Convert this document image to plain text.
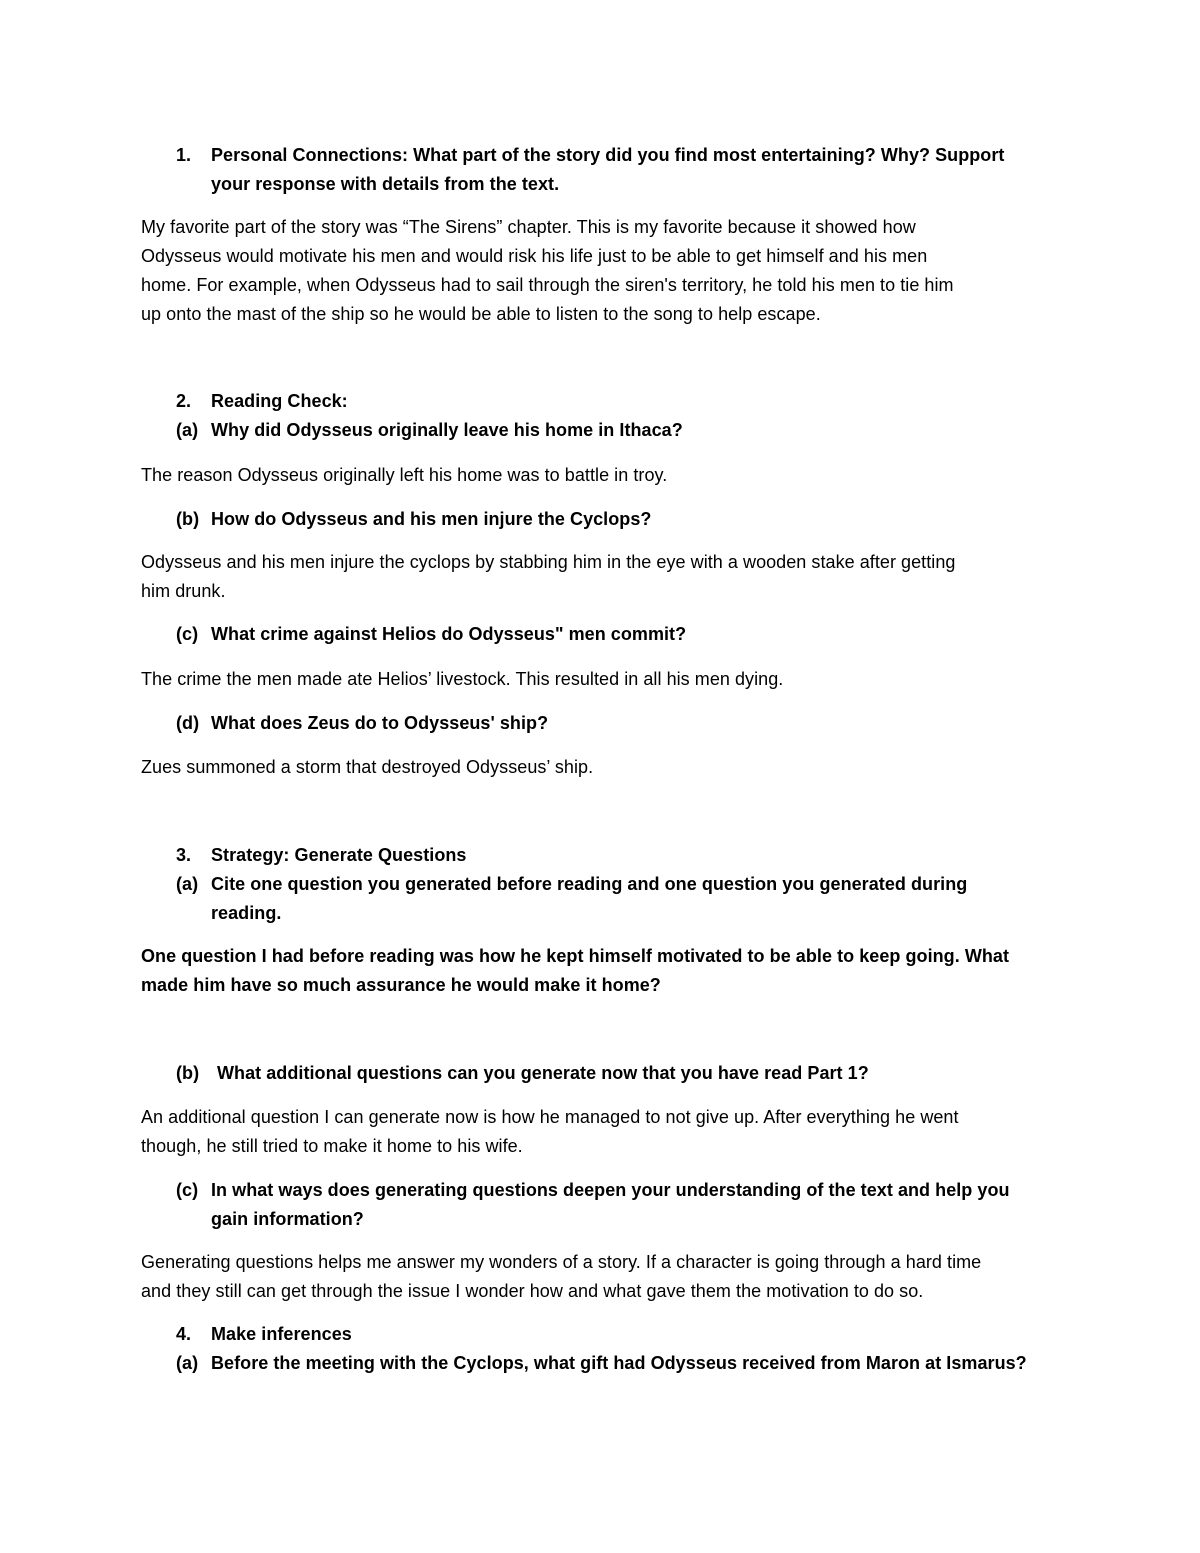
1.	Personal Connections: What part of the story did you find most entertaining? Why? Support
your response with details from the text.
My favorite part of the story was “The Sirens” chapter. This is my favorite because it showed how
Odysseus would motivate his men and would risk his life just to be able to get himself and his men
home. For example, when Odysseus had to sail through the siren's territory, he told his men to tie him
up onto the mast of the ship so he would be able to listen to the song to help escape.
2.	Reading Check:
(a) Why did Odysseus originally leave his home in Ithaca?
The reason Odysseus originally left his home was to battle in troy.
(b) How do Odysseus and his men injure the Cyclops?
Odysseus and his men injure the cyclops by stabbing him in the eye with a wooden stake after getting
him drunk.
(c) What crime against Helios do Odysseus" men commit?
The crime the men made ate Helios’ livestock. This resulted in all his men dying.
(d) What does Zeus do to Odysseus' ship?
Zues summoned a storm that destroyed Odysseus’ ship.
3.	Strategy: Generate Questions
(a) Cite one question you generated before reading and one question you generated during
reading.
One question I had before reading was how he kept himself motivated to be able to keep going. What
made him have so much assurance he would make it home?
(b) What additional questions can you generate now that you have read Part 1?
An additional question I can generate now is how he managed to not give up. After everything he went
though, he still tried to make it home to his wife.
(c) In what ways does generating questions deepen your understanding of the text and help you
gain information?
Generating questions helps me answer my wonders of a story. If a character is going through a hard time
and they still can get through the issue I wonder how and what gave them the motivation to do so.
4.	Make inferences
(a) Before the meeting with the Cyclops, what gift had Odysseus received from Maron at Ismarus?
